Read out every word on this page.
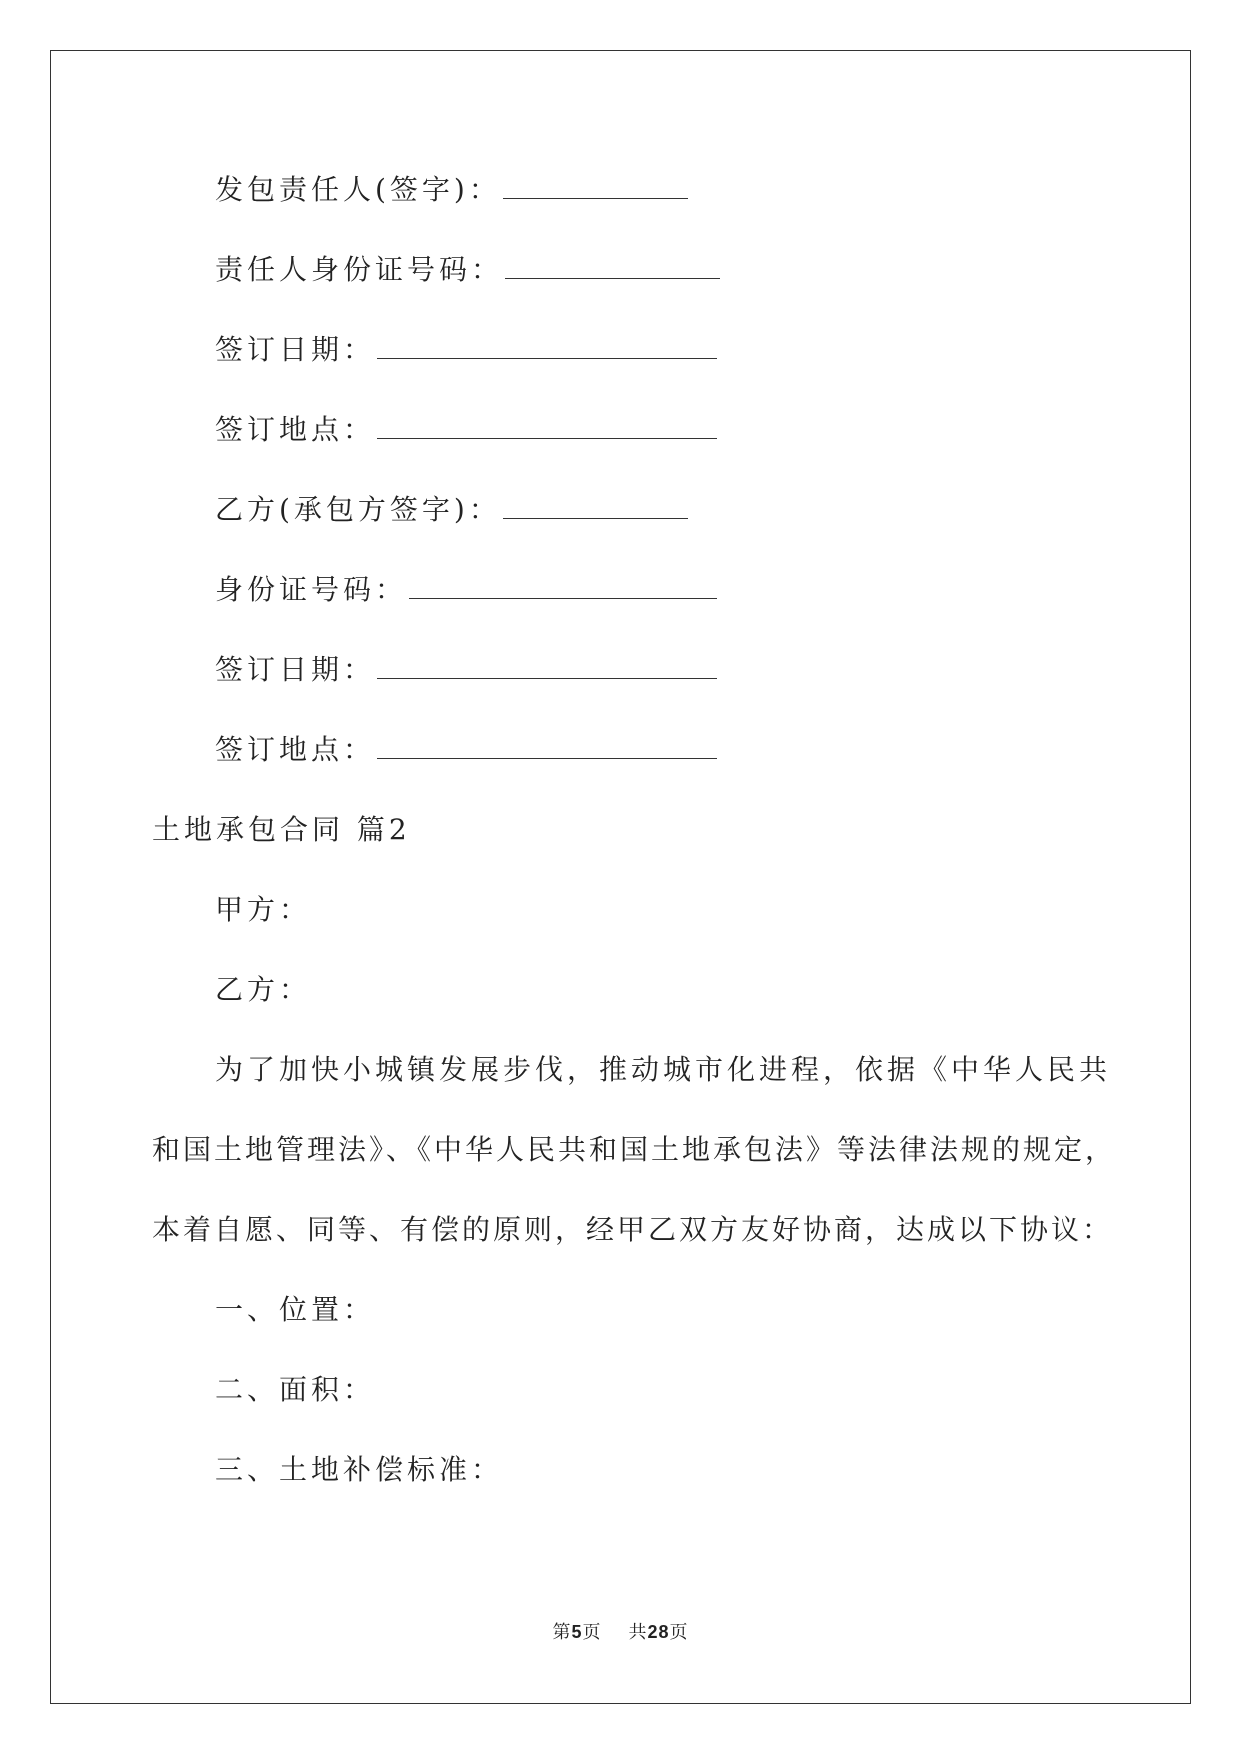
发包责任人(签字)：
责任人身份证号码：
签订日期：
签订地点：
乙方(承包方签字)：
身份证号码：
签订日期：
签订地点：
土地承包合同 篇2
甲方：
乙方：
为了加快小城镇发展步伐，推动城市化进程，依据《中华人民共
和国土地管理法》、《中华人民共和国土地承包法》等法律法规的规定，
本着自愿、同等、有偿的原则，经甲乙双方友好协商，达成以下协议：
一、位置：
二、面积：
三、土地补偿标准：
第5页 共28页
